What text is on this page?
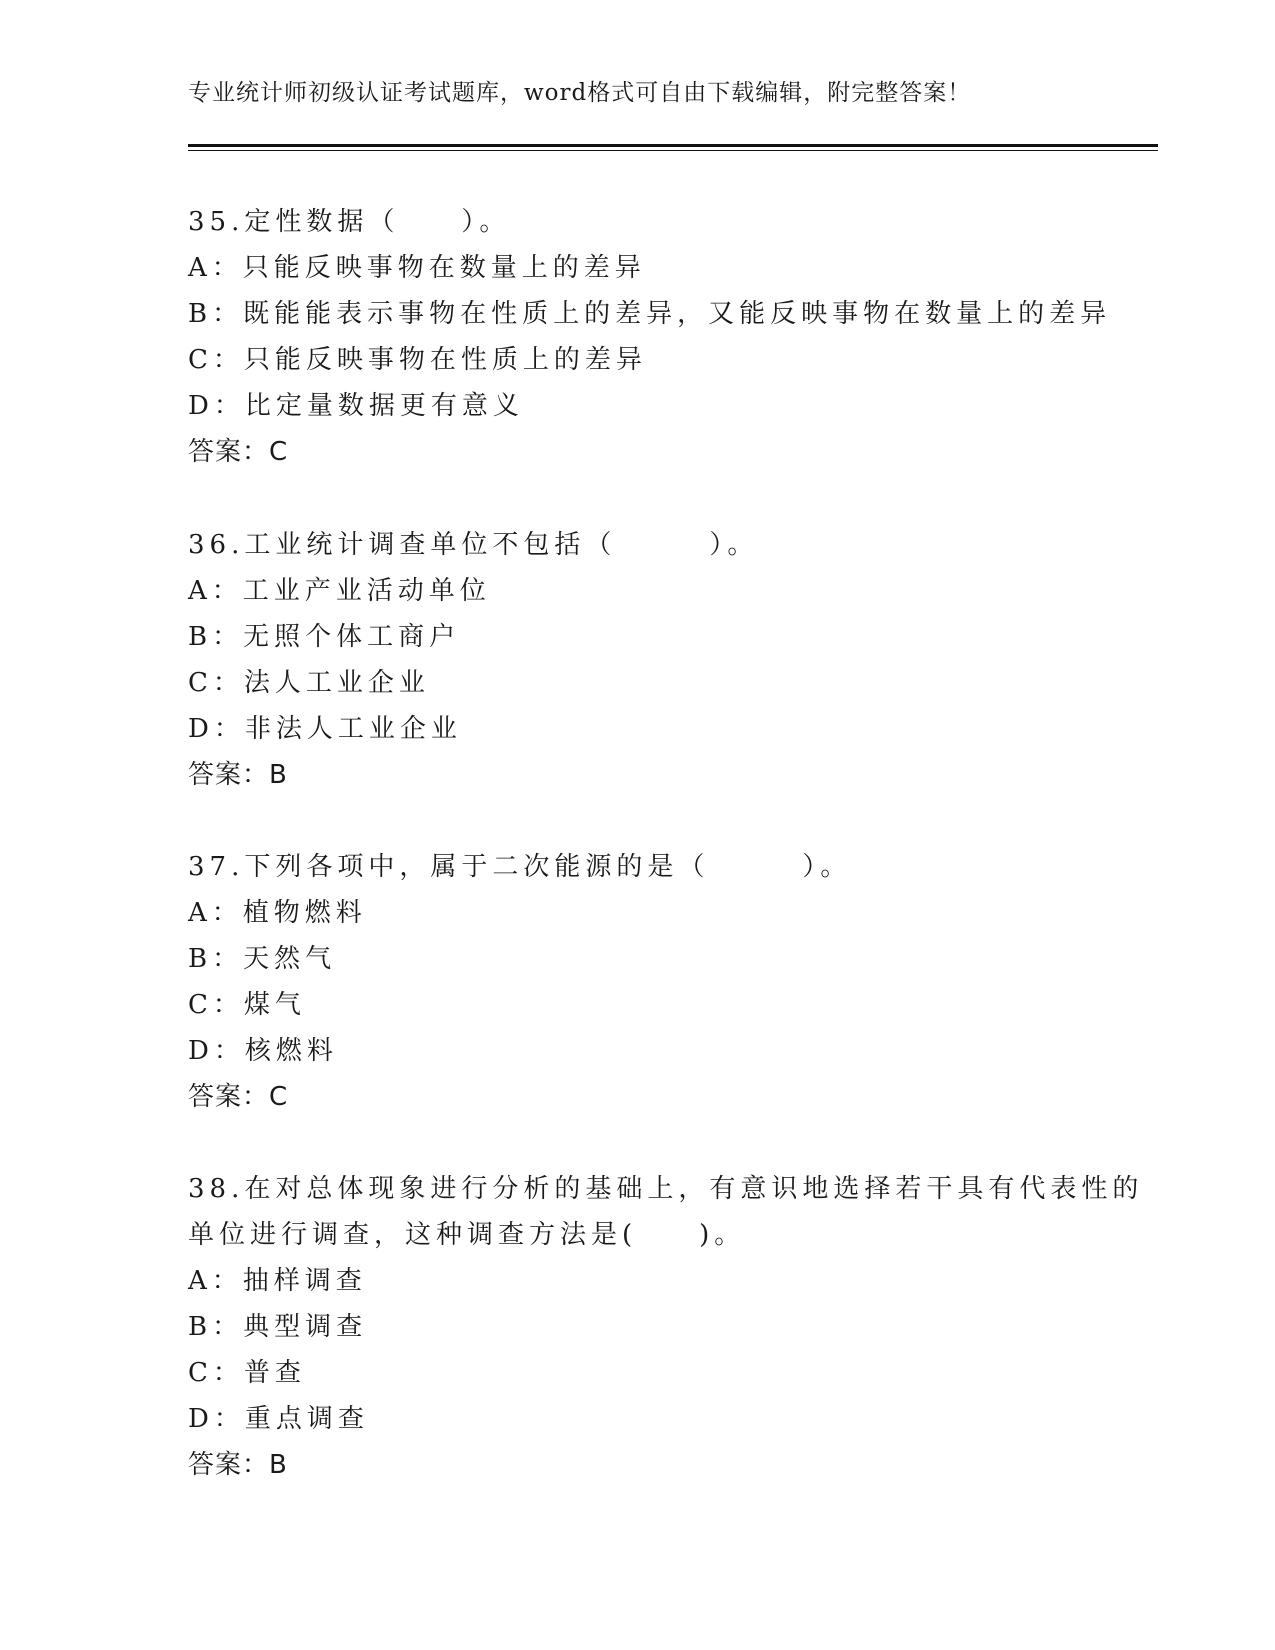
专业统计师初级认证考试题库，word格式可自由下载编辑，附完整答案！
35.定性数据（　　）。
A：只能反映事物在数量上的差异
B：既能能表示事物在性质上的差异，又能反映事物在数量上的差异
C：只能反映事物在性质上的差异
D：比定量数据更有意义
答案：C
36.工业统计调查单位不包括（　　　）。
A：工业产业活动单位
B：无照个体工商户
C：法人工业企业
D：非法人工业企业
答案：B
37.下列各项中，属于二次能源的是（　　　）。
A：植物燃料
B：天然气
C：煤气
D：核燃料
答案：C
38.在对总体现象进行分析的基础上，有意识地选择若干具有代表性的
单位进行调查，这种调查方法是(　　)。
A：抽样调查
B：典型调查
C：普查
D：重点调查
答案：B
